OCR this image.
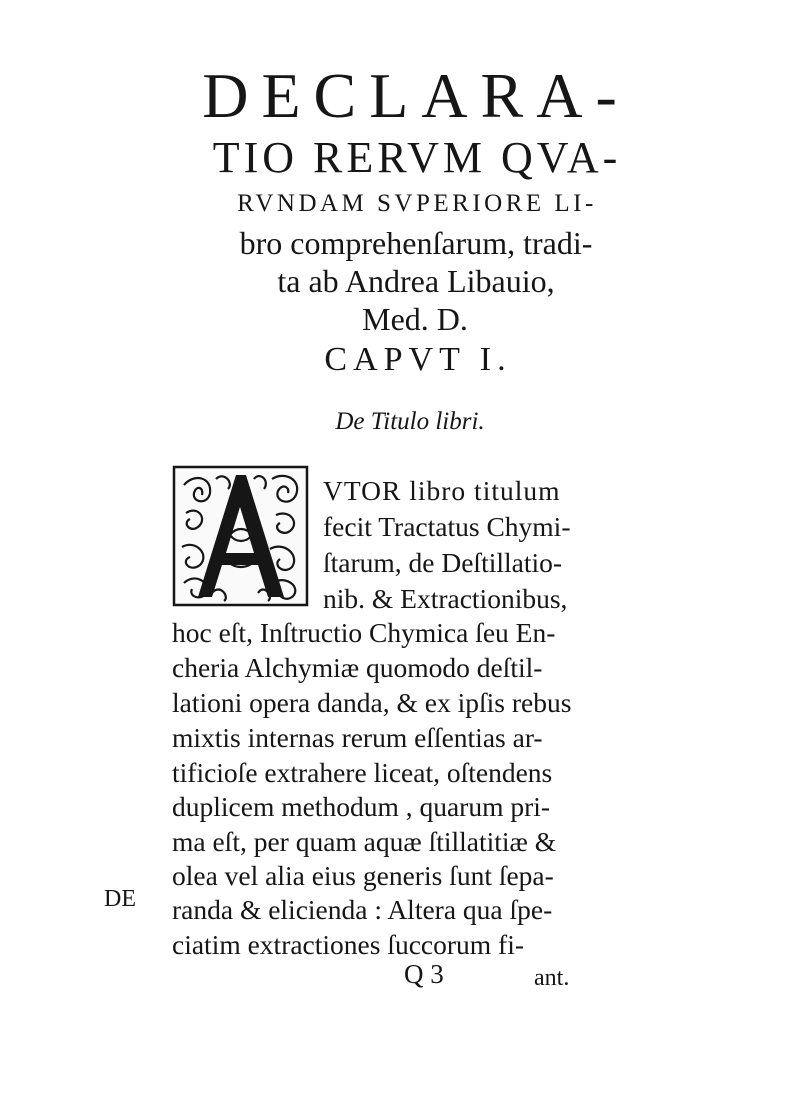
DECLARA-

TIO RERVM QVA-

RVNDAM SVPERIORE LI-

bro comprehenſarum, tradi-

ta ab Andrea Libauio,

Med. D.

CAPVT I.
De Titulo libri.

VTOR libro titulum

fecit Tractatus Chymi-

ſtarum, de Deſtillatio-

nib. & Extractionibus,

hoc eſt, Inſtructio Chymica ſeu En-

cheria Alchymiæ quomodo deſtil-

lationi opera danda, & ex ipſis rebus

mixtis internas rerum eſſentias ar-

tificioſe extrahere liceat, oſtendens

duplicem methodum , quarum pri-

ma eſt, per quam aquæ ſtillatitiæ &

olea vel alia eius generis ſunt ſepa-

randa & elicienda : Altera qua ſpe-

ciatim extractiones ſuccorum fi-

DE
Q 3	ant.
